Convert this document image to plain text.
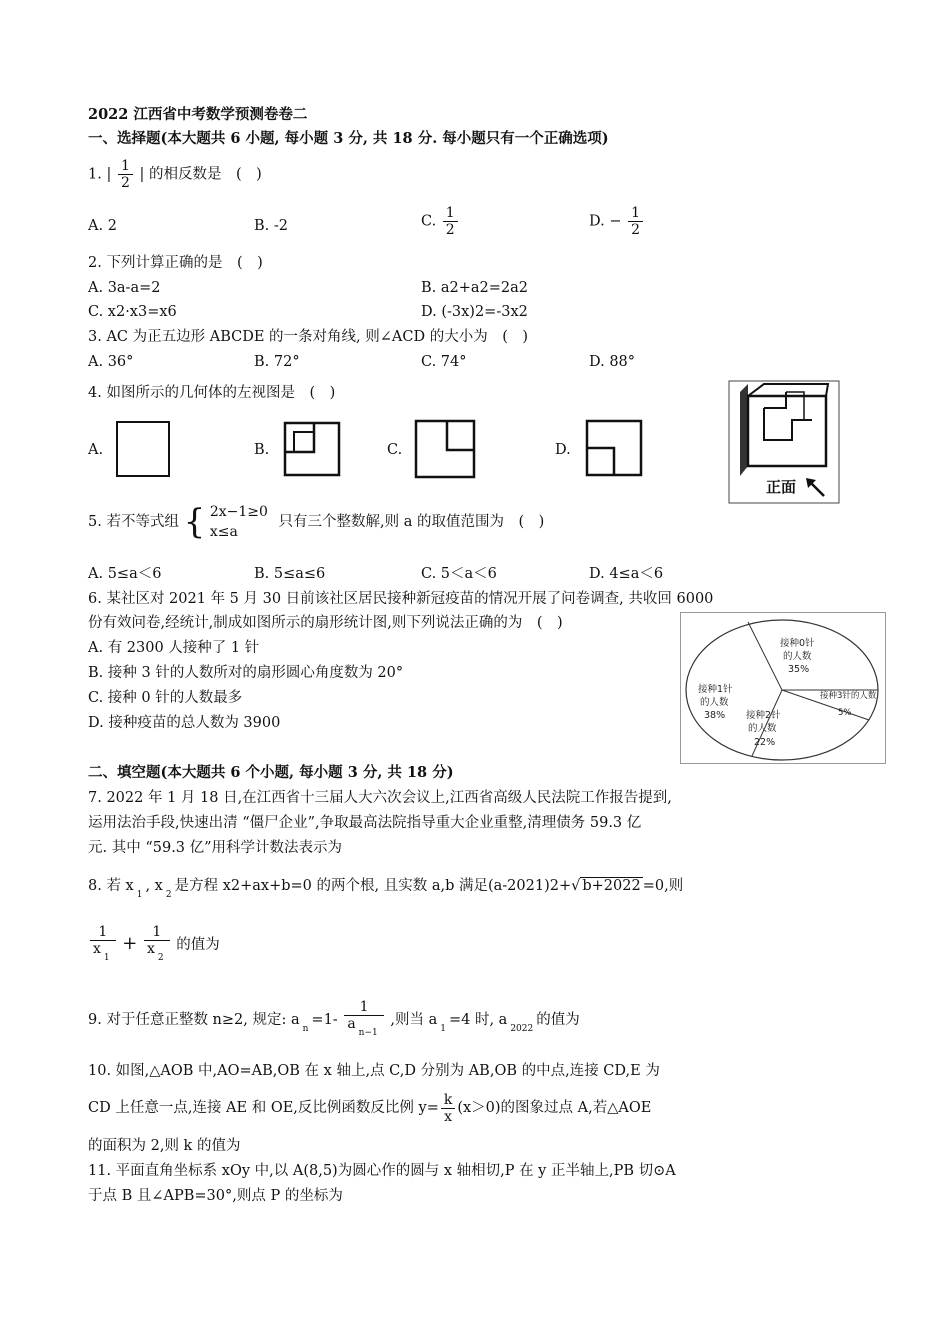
2022 江西省中考数学预测卷卷二
一、选择题(本大题共 6 小题, 每小题 3 分, 共 18 分. 每小题只有一个正确选项)
1. | $\frac{1}{2}$ | 的相反数是　(　)
A. 2	B. -2	C. $\frac{1}{2}$	D. − $\frac{1}{2}$
2. 下列计算正确的是　(　)
A. 3a-a=2	B. a2+a2=2a2
C. x2·x3=x6	D. (-3x)2=-3x2
3. AC 为正五边形 ABCDE 的一条对角线, 则∠ACD 的大小为　(　)
A. 36°	B. 72°	C. 74°	D. 88°
4. 如图所示的几何体的左视图是　(　)
A.	B.	C.	D.
正面
5. 若不等式组 { 2x−1≥0
x≤a
只有三个整数解,则 a 的取值范围为　(　)
A. 5≤a＜6	B. 5≤a≤6	C. 5＜a＜6	D. 4≤a＜6
6. 某社区对 2021 年 5 月 30 日前该社区居民接种新冠疫苗的情况开展了问卷调查, 共收回 6000
份有效问卷,经统计,制成如图所示的扇形统计图,则下列说法正确的为　(　)
A. 有 2300 人接种了 1 针
B. 接种 3 针的人数所对的扇形圆心角度数为 20°
C. 接种 0 针的人数最多
D. 接种疫苗的总人数为 3900
接种0针
的人数
35%
接种1针
的人数
38% 接种2针
的人数
22%
接种3针的人数
5%
二、填空题(本大题共 6 个小题, 每小题 3 分, 共 18 分)
7. 2022 年 1 月 18 日,在江西省十三届人大六次会议上,江西省高级人民法院工作报告提到,
运用法治手段,快速出清 “僵尸企业”,争取最高法院指导重大企业重整,清理债务 59.3 亿
元. 其中 “59.3 亿”用科学计数法表示为
8. 若 $x_1$, $x_2$是方程 x2+ax+b=0 的两个根, 且实数 a,b 满足(a-2021)2+√ b+2022 =0,则
$\frac{1}{x_1} + \frac{1}{x_2}$ 的值为
9. 对于任意正整数 n≥2, 规定: $a_n=1- \frac{1}{a_{n-1}}$ ,则当 $a_1=4$ 时, $a_{2022}$的值为
10. 如图,△AOB 中,AO=AB,OB 在 x 轴上,点 C,D 分别为 AB,OB 的中点,连接 CD,E 为
CD 上任意一点,连接 AE 和 OE,反比例函数反比例 $y= \frac{k}{x} (x>0)$的图象过点 A,若△AOE
的面积为 2,则 k 的值为
11. 平面直角坐标系 xOy 中,以 A(8,5)为圆心作的圆与 x 轴相切,P 在 y 正半轴上,PB 切⊙A
于点 B 且∠APB=30°,则点 P 的坐标为
